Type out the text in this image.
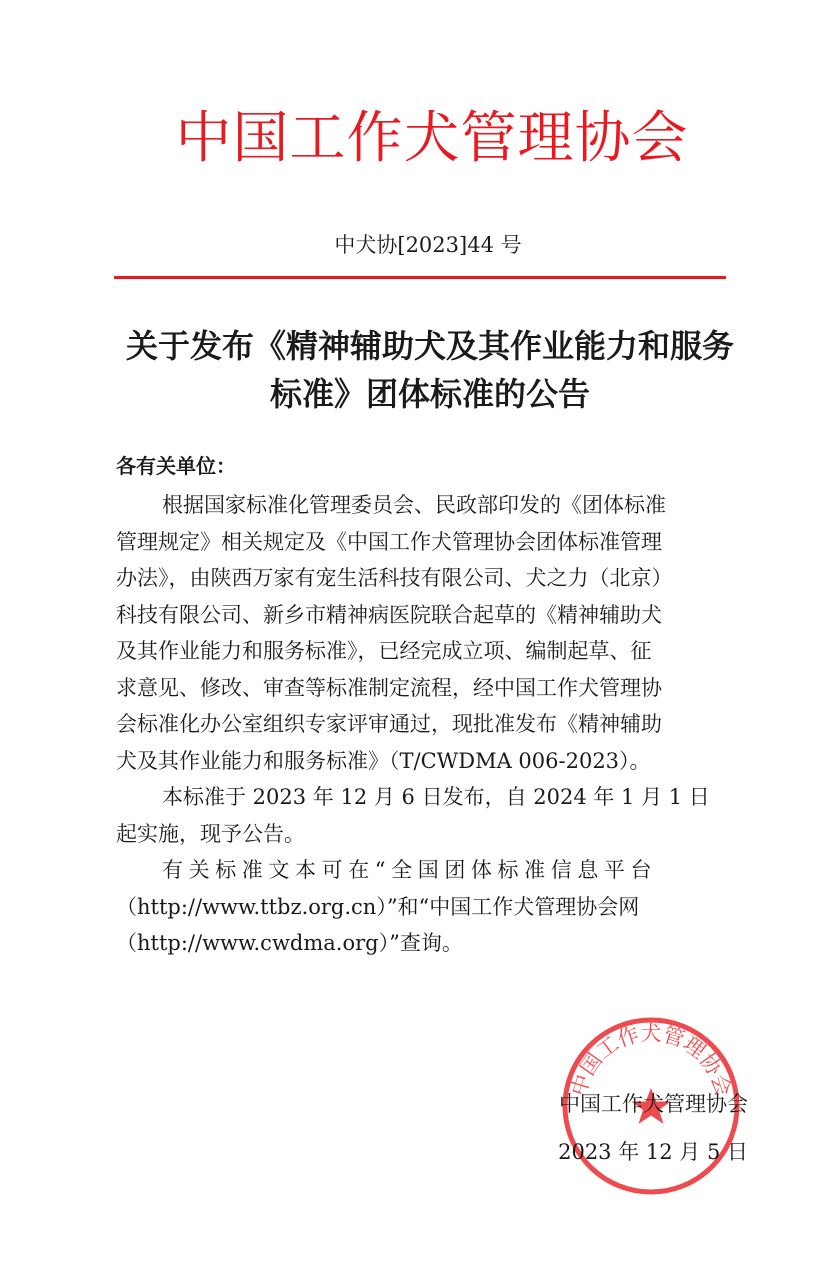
中国工作犬管理协会
中犬协[2023]44 号
关于发布《精神辅助犬及其作业能力和服务
标准》团体标准的公告
各有关单位：
根据国家标准化管理委员会、民政部印发的《团体标准
管理规定》相关规定及《中国工作犬管理协会团体标准管理
办法》，由陕西万家有宠生活科技有限公司、犬之力（北京）
科技有限公司、新乡市精神病医院联合起草的《精神辅助犬
及其作业能力和服务标准》，已经完成立项、编制起草、征
求意见、修改、审查等标准制定流程，经中国工作犬管理协
会标准化办公室组织专家评审通过，现批准发布《精神辅助
犬及其作业能力和服务标准》（T/CWDMA 006-2023）。
本标准于 2023 年 12 月 6 日发布，自 2024 年 1 月 1 日
起实施，现予公告。
有关标准文本可在“全国团体标准信息平台
（http://www.ttbz.org.cn）”和“中国工作犬管理协会网
（http://www.cwdma.org）”查询。
中国工作犬管理协会
中国工作犬管理协会
2023 年 12 月 5 日
